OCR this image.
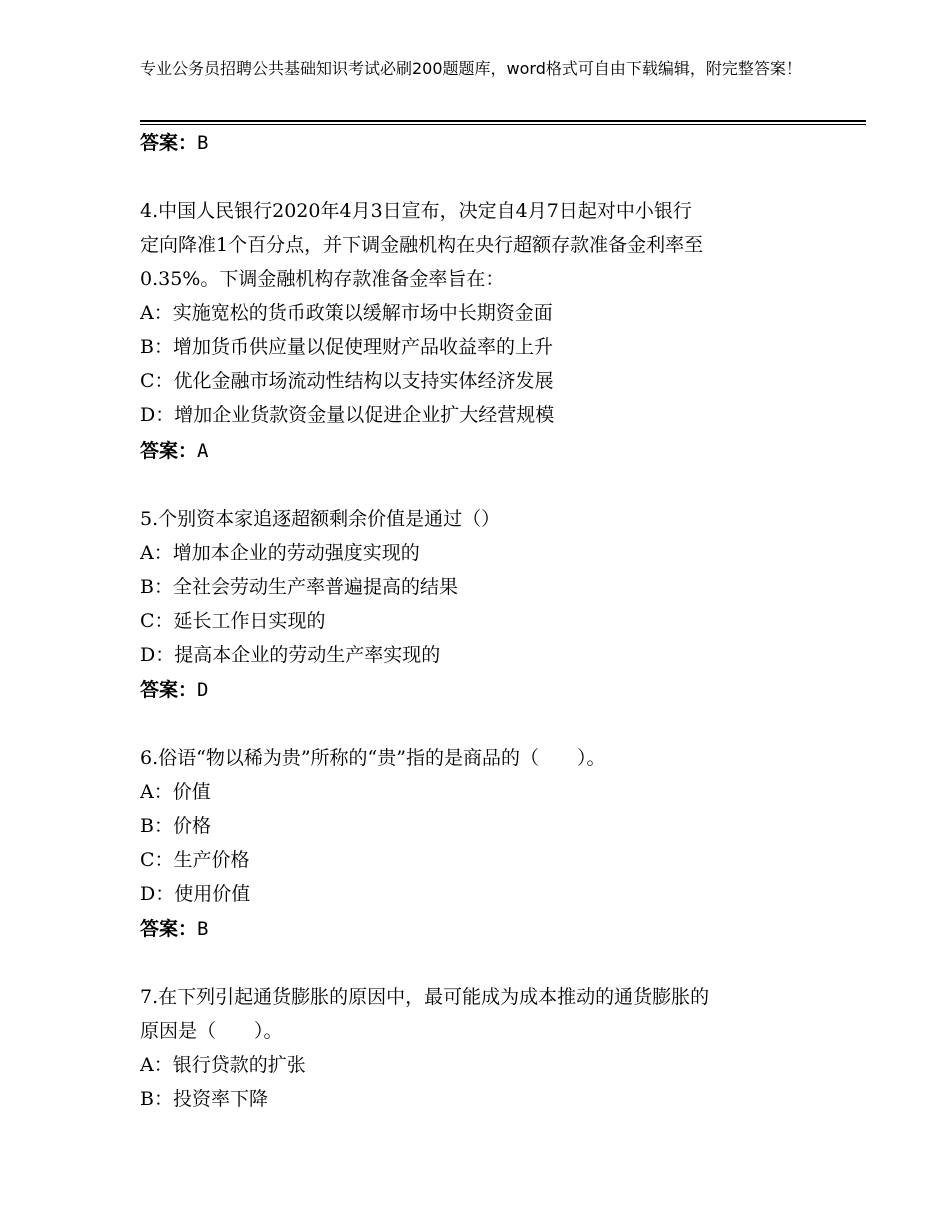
专业公务员招聘公共基础知识考试必刷200题题库，word格式可自由下载编辑，附完整答案！
答案：B
4.中国人民银行2020年4月3日宣布，决定自4月7日起对中小银行
定向降准1个百分点，并下调金融机构在央行超额存款准备金利率至
0.35%。下调金融机构存款准备金率旨在：
A：实施宽松的货币政策以缓解市场中长期资金面
B：增加货币供应量以促使理财产品收益率的上升
C：优化金融市场流动性结构以支持实体经济发展
D：增加企业货款资金量以促进企业扩大经营规模
答案：A
5.个别资本家追逐超额剩余价值是通过（）
A：增加本企业的劳动强度实现的
B：全社会劳动生产率普遍提高的结果
C：延长工作日实现的
D：提高本企业的劳动生产率实现的
答案：D
6.俗语“物以稀为贵”所称的“贵”指的是商品的（　　）。
A：价值
B：价格
C：生产价格
D：使用价值
答案：B
7.在下列引起通货膨胀的原因中，最可能成为成本推动的通货膨胀的
原因是（　　）。
A：银行贷款的扩张
B：投资率下降
